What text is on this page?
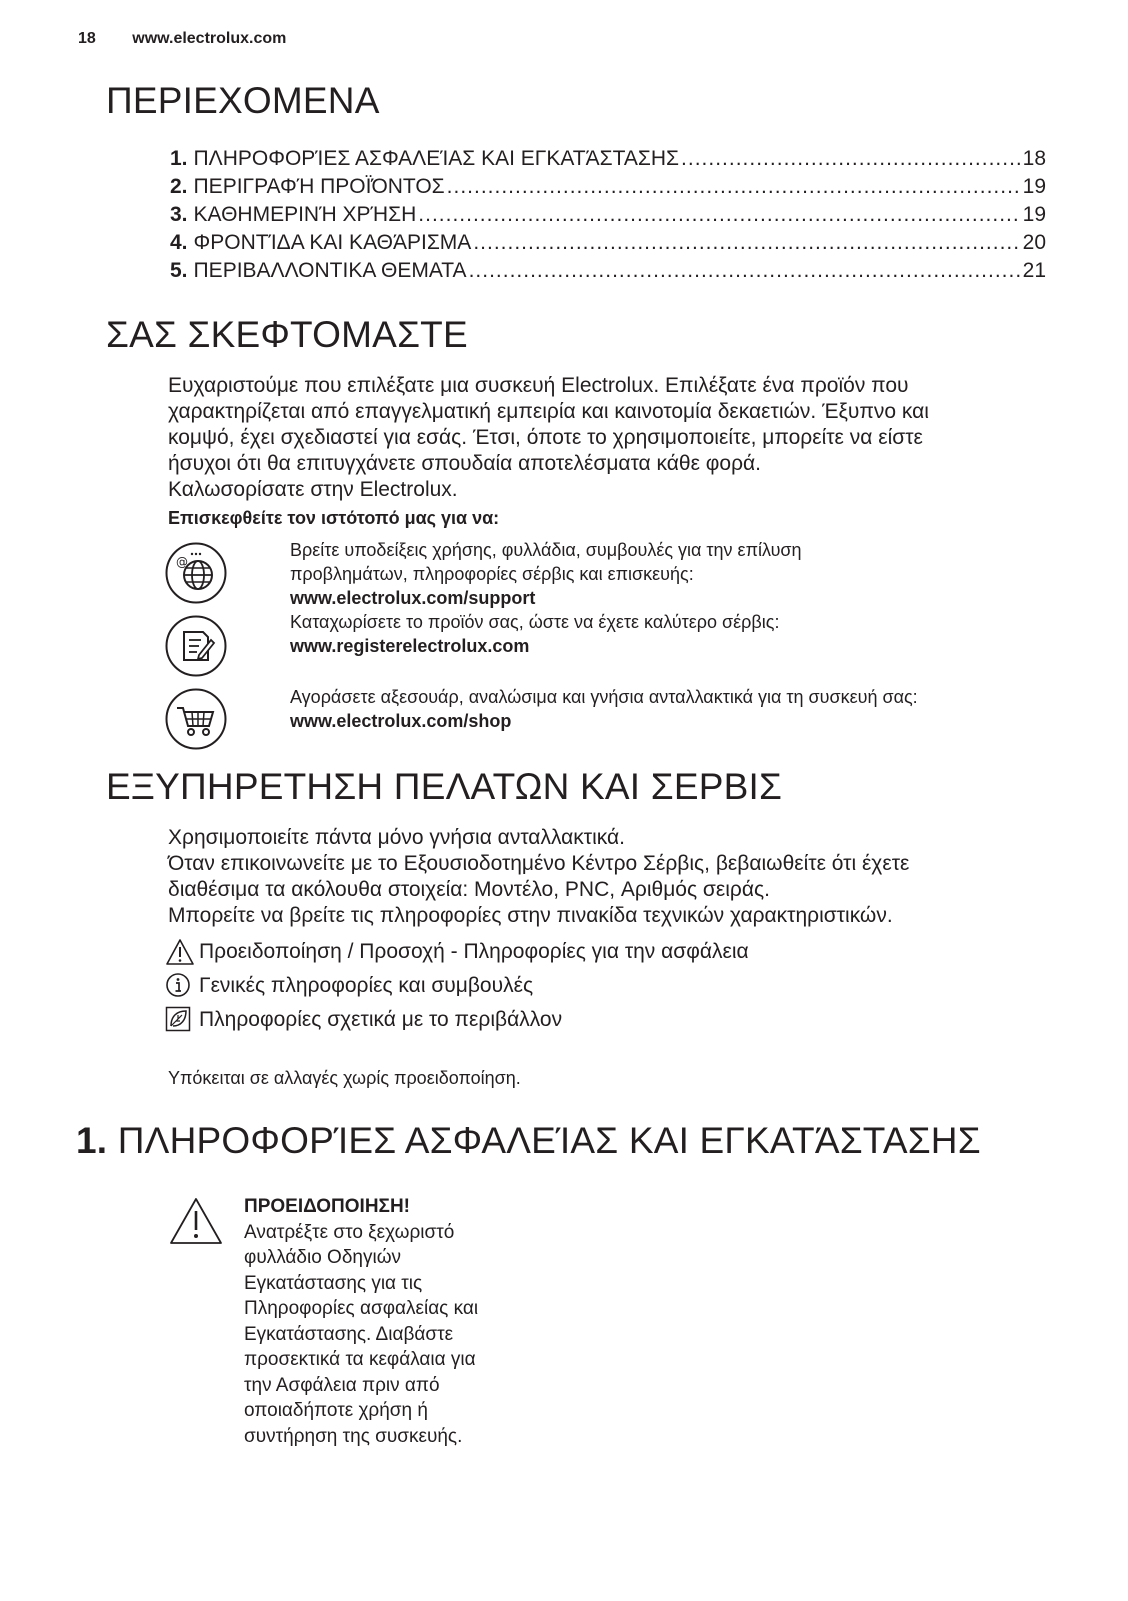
18 www.electrolux.com
ΠΕΡΙΕΧΟΜΕΝΑ
1. ΠΛΗΡΟΦΟΡΊΕΣ ΑΣΦΑΛΕΊΑΣ ΚΑΙ ΕΓΚΑΤΆΣΤΑΣΗΣ .....	18
2. ΠΕΡΙΓΡΑΦΉ ΠΡΟΪΌΝΤΟΣ .....	19
3. ΚΑΘΗΜΕΡΙΝΉ ΧΡΉΣΗ .....	19
4. ΦΡΟΝΤΊΔΑ ΚΑΙ ΚΑΘΆΡΙΣΜΑ .....	20
5. ΠΕΡΙΒΑΛΛΟΝΤΙΚΑ ΘΕΜΑΤΑ .....	21
ΣΑΣ ΣΚΕΦΤΟΜΑΣΤΕ

Ευχαριστούμε που επιλέξατε μια συσκευή Electrolux. Επιλέξατε ένα προϊόν που

χαρακτηρίζεται από επαγγελματική εμπειρία και καινοτομία δεκαετιών. Έξυπνο και

κομψό, έχει σχεδιαστεί για εσάς. Έτσι, όποτε το χρησιμοποιείτε, μπορείτε να είστε

ήσυχοι ότι θα επιτυγχάνετε σπουδαία αποτελέσματα κάθε φορά.

Καλωσορίσατε στην Electrolux.

Επισκεφθείτε τον ιστότοπό μας για να:
@
Βρείτε υποδείξεις χρήσης, φυλλάδια, συμβουλές για την επίλυση
προβλημάτων, πληροφορίες σέρβις και επισκευής:
www.electrolux.com/support
Καταχωρίσετε το προϊόν σας, ώστε να έχετε καλύτερο σέρβις:
www.registerelectrolux.com
Αγοράσετε αξεσουάρ, αναλώσιμα και γνήσια ανταλλακτικά για τη συσκευή σας:
www.electrolux.com/shop
ΕΞΥΠΗΡΕΤΗΣΗ ΠΕΛΑΤΩΝ ΚΑΙ ΣΕΡΒΙΣ

Χρησιμοποιείτε πάντα μόνο γνήσια ανταλλακτικά.

Όταν επικοινωνείτε με το Εξουσιοδοτημένο Κέντρο Σέρβις, βεβαιωθείτε ότι έχετε

διαθέσιμα τα ακόλουθα στοιχεία: Μοντέλο, PNC, Αριθμός σειράς.

Μπορείτε να βρείτε τις πληροφορίες στην πινακίδα τεχνικών χαρακτηριστικών.

Προειδοποίηση / Προσοχή - Πληροφορίες για την ασφάλεια
Γενικές πληροφορίες και συμβουλές
Πληροφορίες σχετικά με το περιβάλλον
Υπόκειται σε αλλαγές χωρίς προειδοποίηση.
1. ΠΛΗΡΟΦΟΡΊΕΣ ΑΣΦΑΛΕΊΑΣ ΚΑΙ ΕΓΚΑΤΆΣΤΑΣΗΣ
ΠΡΟΕΙΔΟΠΟΙΗΣΗ!
Ανατρέξτε στο ξεχωριστό
φυλλάδιο Οδηγιών
Εγκατάστασης για τις
Πληροφορίες ασφαλείας και
Εγκατάστασης. Διαβάστε
προσεκτικά τα κεφάλαια για
την Ασφάλεια πριν από
οποιαδήποτε χρήση ή
συντήρηση της συσκευής.
